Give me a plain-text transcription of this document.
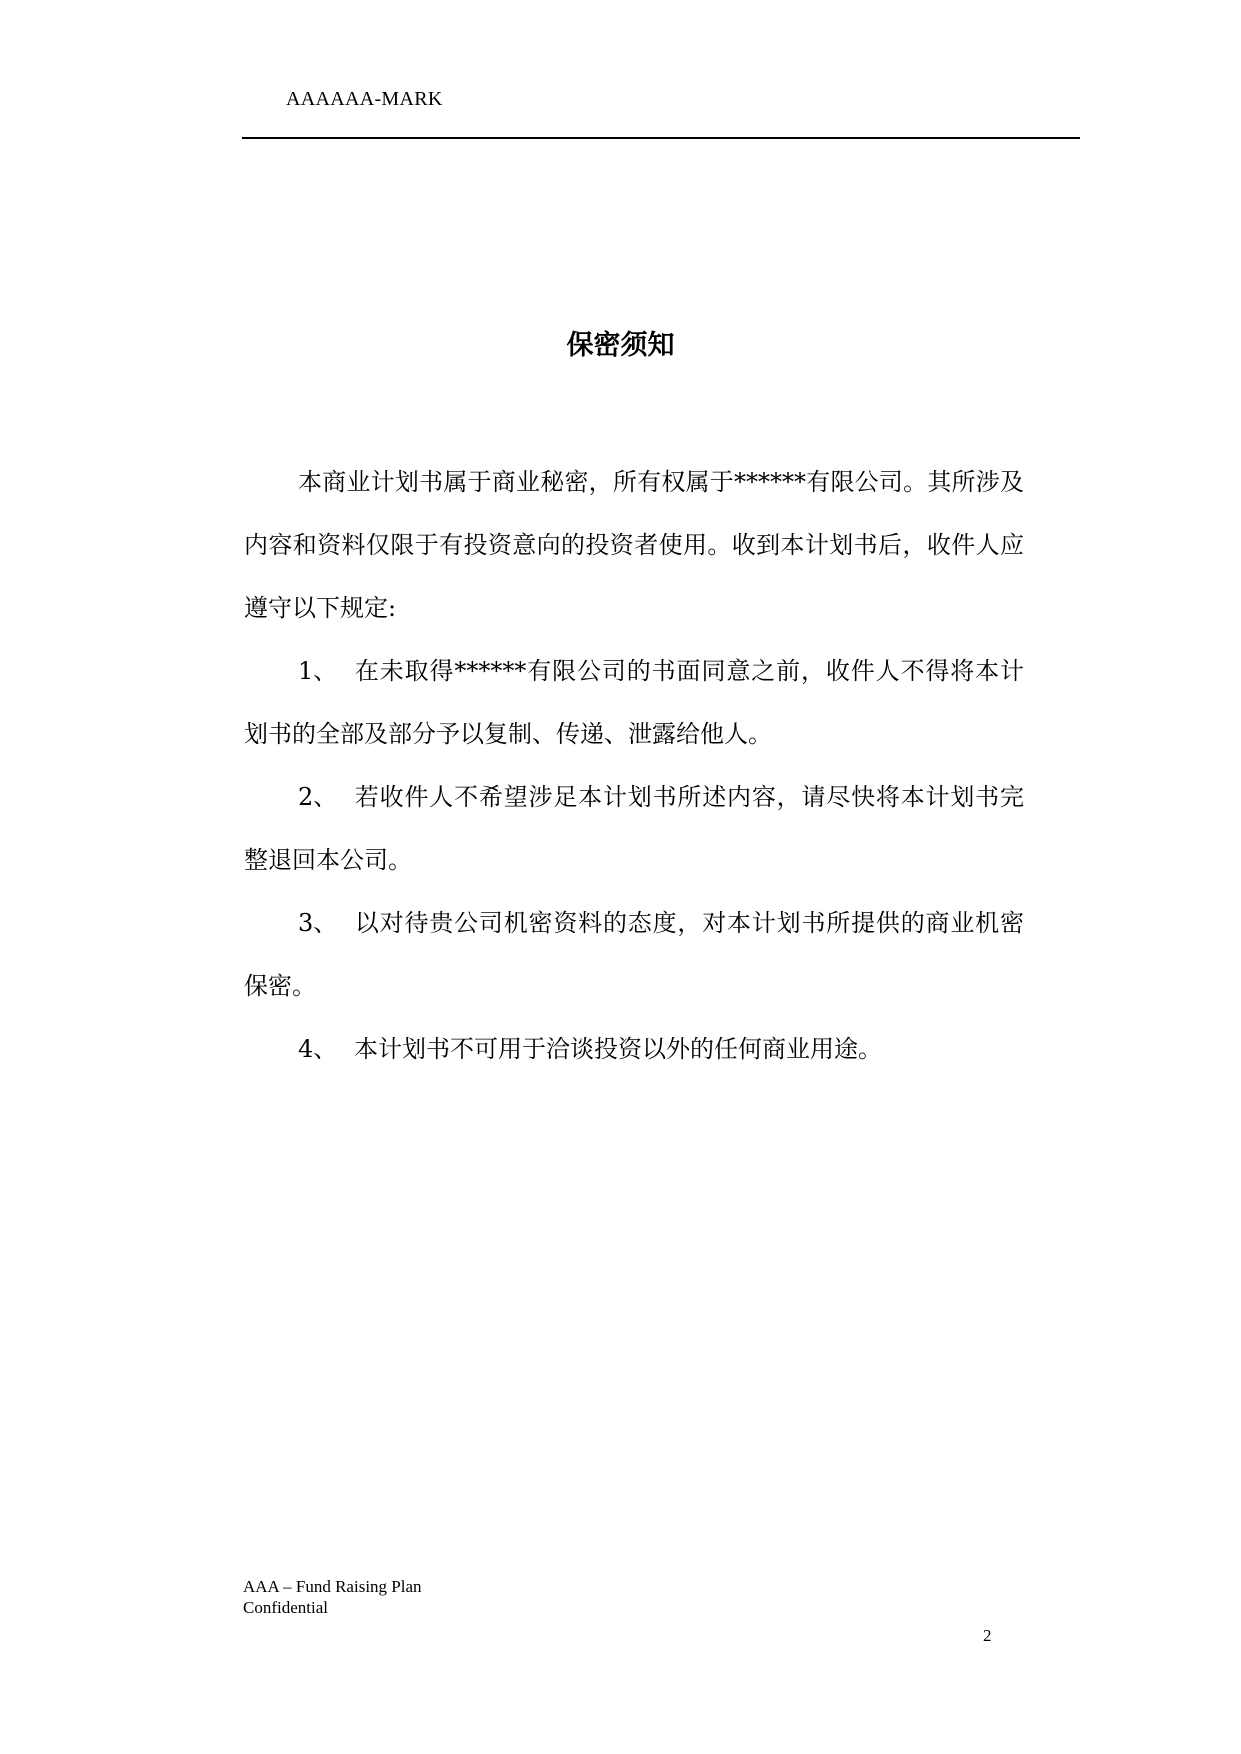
AAAAAA-MARK
保密须知

本商业计划书属于商业秘密，所有权属于******有限公司。其所涉及内容和资料仅限于有投资意向的投资者使用。收到本计划书后，收件人应遵守以下规定:

1、 在未取得******有限公司的书面同意之前，收件人不得将本计划书的全部及部分予以复制、传递、泄露给他人。

2、 若收件人不希望涉足本计划书所述内容，请尽快将本计划书完整退回本公司。

3、 以对待贵公司机密资料的态度，对本计划书所提供的商业机密保密。

4、 本计划书不可用于洽谈投资以外的任何商业用途。

AAA – Fund Raising Plan
Confidential
2
